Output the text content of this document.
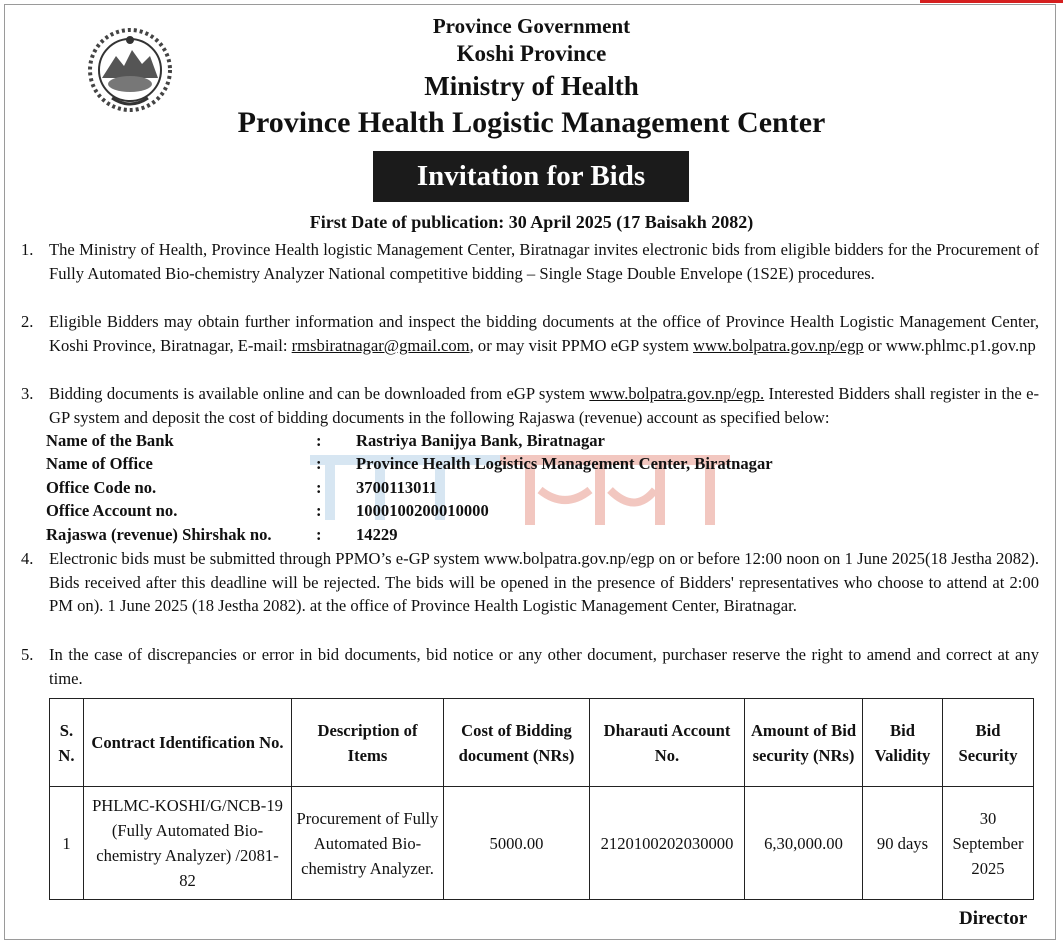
Province Government
Koshi Province
Ministry of Health
Province Health Logistic Management Center
Invitation for Bids
First Date of publication: 30 April 2025 (17 Baisakh 2082)
1. The Ministry of Health, Province Health logistic Management Center, Biratnagar invites electronic bids from eligible bidders for the Procurement of Fully Automated Bio-chemistry Analyzer National competitive bidding – Single Stage Double Envelope (1S2E) procedures.
2. Eligible Bidders may obtain further information and inspect the bidding documents at the office of Province Health Logistic Management Center, Koshi Province, Biratnagar, E-mail: rmsbiratnagar@gmail.com, or may visit PPMO eGP system www.bolpatra.gov.np/egp or www.phlmc.p1.gov.np
3. Bidding documents is available online and can be downloaded from eGP system www.bolpatra.gov.np/egp. Interested Bidders shall register in the e-GP system and deposit the cost of bidding documents in the following Rajaswa (revenue) account as specified below:
Name of the Bank	: Rastriya Banijya Bank, Biratnagar
Name of Office	: Province Health Logistics Management Center, Biratnagar
Office Code no.	: 3700113011
Office Account no.	: 1000100200010000
Rajaswa (revenue) Shirshak no.	: 14229
4. Electronic bids must be submitted through PPMO’s e-GP system www.bolpatra.gov.np/egp on or before 12:00 noon on 1 June 2025(18 Jestha 2082). Bids received after this deadline will be rejected. The bids will be opened in the presence of Bidders' representatives who choose to attend at 2:00 PM on). 1 June 2025 (18 Jestha 2082). at the office of Province Health Logistic Management Center, Biratnagar.
5. In the case of discrepancies or error in bid documents, bid notice or any other document, purchaser reserve the right to amend and correct at any time.
S. N.	Contract Identification No.	Description of Items	Cost of Bidding document (NRs)	Dharauti Account No.	Amount of Bid security (NRs)	Bid Validity	Bid Security
1	PHLMC-KOSHI/G/NCB-19 (Fully Automated Bio-chemistry Analyzer) /2081-82	Procurement of Fully Automated Bio-chemistry Analyzer.	5000.00	2120100202030000	6,30,000.00	90 days	30 September 2025
Director
